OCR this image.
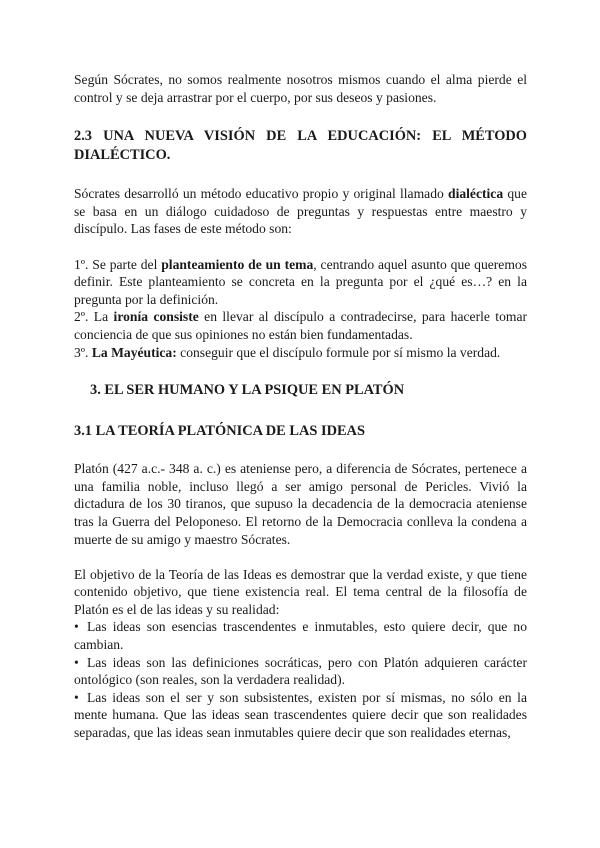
Según Sócrates, no somos realmente nosotros mismos cuando el alma pierde el control y se deja arrastrar por el cuerpo, por sus deseos y pasiones.

2.3 UNA NUEVA VISIÓN DE LA EDUCACIÓN: EL MÉTODO DIALÉCTICO.

Sócrates desarrolló un método educativo propio y original llamado dialéctica que se basa en un diálogo cuidadoso de preguntas y respuestas entre maestro y discípulo. Las fases de este método son:

1º. Se parte del planteamiento de un tema, centrando aquel asunto que queremos definir. Este planteamiento se concreta en la pregunta por el ¿qué es…? en la pregunta por la definición.

2º. La ironía consiste en llevar al discípulo a contradecirse, para hacerle tomar conciencia de que sus opiniones no están bien fundamentadas.

3º. La Mayéutica: conseguir que el discípulo formule por sí mismo la verdad.

3. EL SER HUMANO Y LA PSIQUE EN PLATÓN
3.1 LA TEORÍA PLATÓNICA DE LAS IDEAS

Platón (427 a.c.- 348 a. c.) es ateniense pero, a diferencia de Sócrates, pertenece a una familia noble, incluso llegó a ser amigo personal de Pericles. Vivió la dictadura de los 30 tiranos, que supuso la decadencia de la democracia ateniense tras la Guerra del Peloponeso. El retorno de la Democracia conlleva la condena a muerte de su amigo y maestro Sócrates.

El objetivo de la Teoría de las Ideas es demostrar que la verdad existe, y que tiene contenido objetivo, que tiene existencia real. El tema central de la filosofía de Platón es el de las ideas y su realidad:

• Las ideas son esencias trascendentes e inmutables, esto quiere decir, que no cambian.

• Las ideas son las definiciones socráticas, pero con Platón adquieren carácter ontológico (son reales, son la verdadera realidad).

• Las ideas son el ser y son subsistentes, existen por sí mismas, no sólo en la mente humana. Que las ideas sean trascendentes quiere decir que son realidades separadas, que las ideas sean inmutables quiere decir que son realidades eternas,
